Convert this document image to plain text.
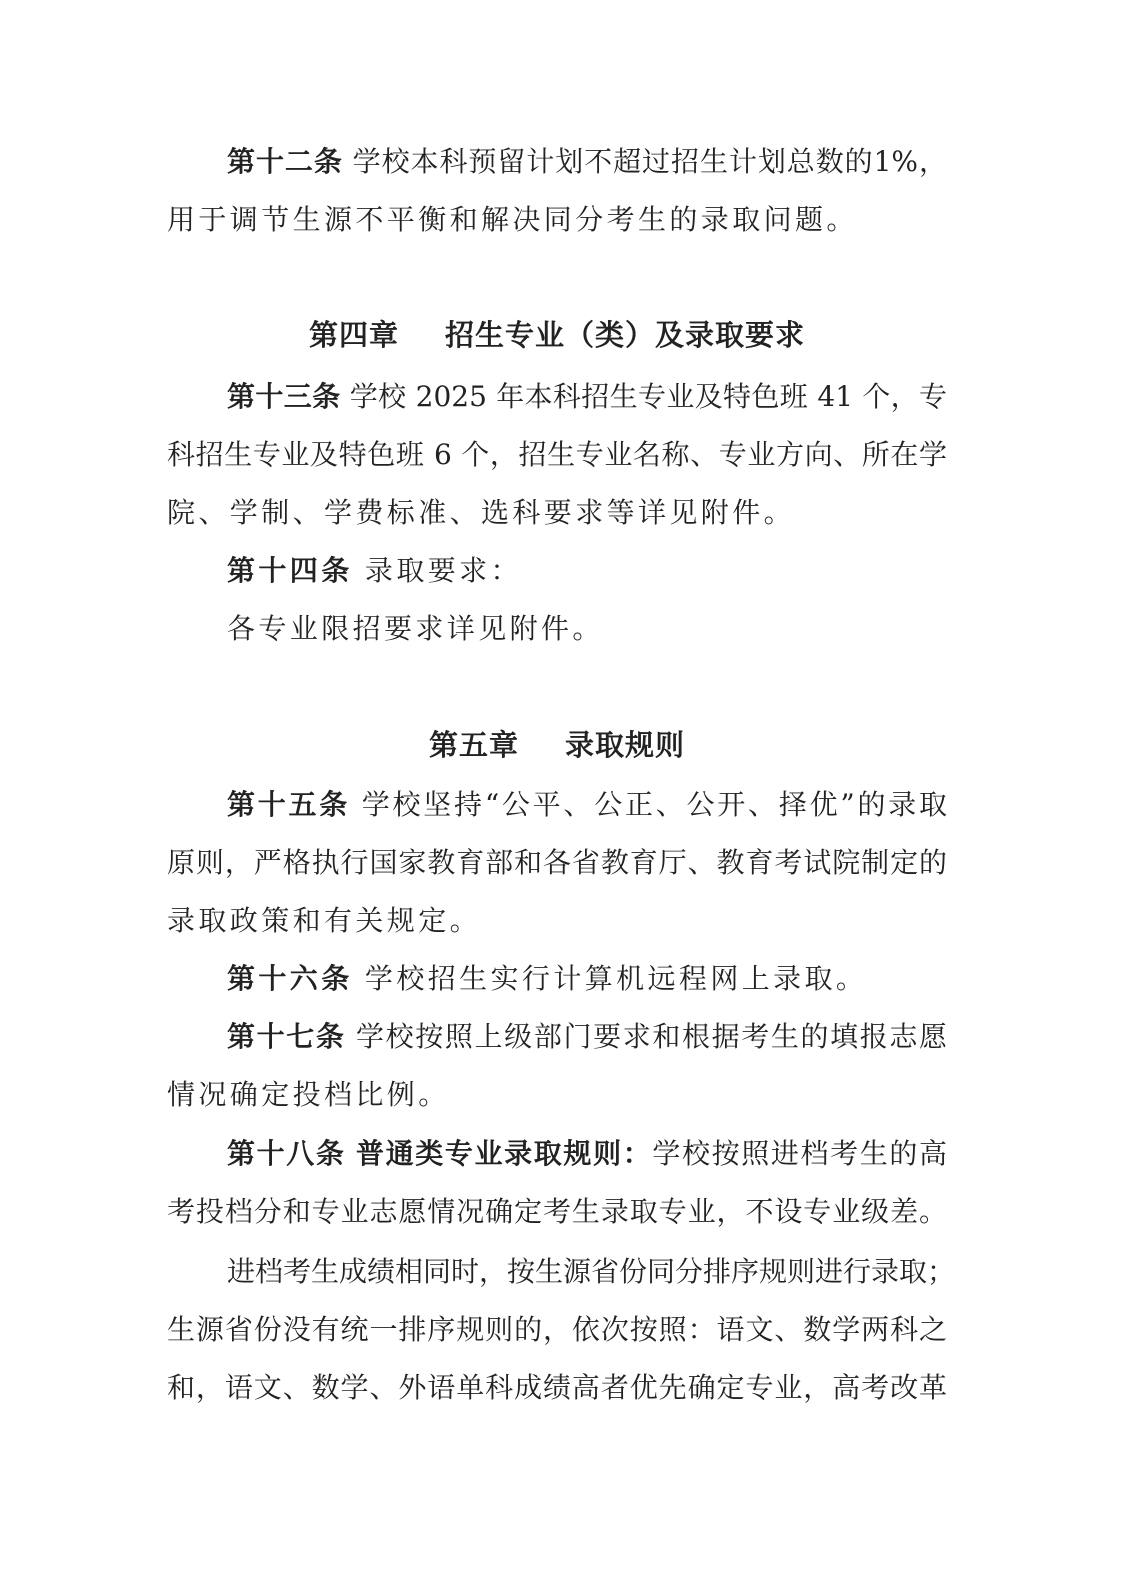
第十二条 学校本科预留计划不超过招生计划总数的1%，
用于调节生源不平衡和解决同分考生的录取问题。
第四章 招生专业（类）及录取要求
第十三条 学校 2025 年本科招生专业及特色班 41 个，专
科招生专业及特色班 6 个，招生专业名称、专业方向、所在学
院、学制、学费标准、选科要求等详见附件。
第十四条 录取要求：
各专业限招要求详见附件。
第五章 录取规则
第十五条 学校坚持“公平、公正、公开、择优”的录取
原则，严格执行国家教育部和各省教育厅、教育考试院制定的
录取政策和有关规定。
第十六条 学校招生实行计算机远程网上录取。
第十七条 学校按照上级部门要求和根据考生的填报志愿
情况确定投档比例。
第十八条 普通类专业录取规则：学校按照进档考生的高
考投档分和专业志愿情况确定考生录取专业，不设专业级差。
进档考生成绩相同时，按生源省份同分排序规则进行录取；
生源省份没有统一排序规则的，依次按照：语文、数学两科之
和，语文、数学、外语单科成绩高者优先确定专业，高考改革
